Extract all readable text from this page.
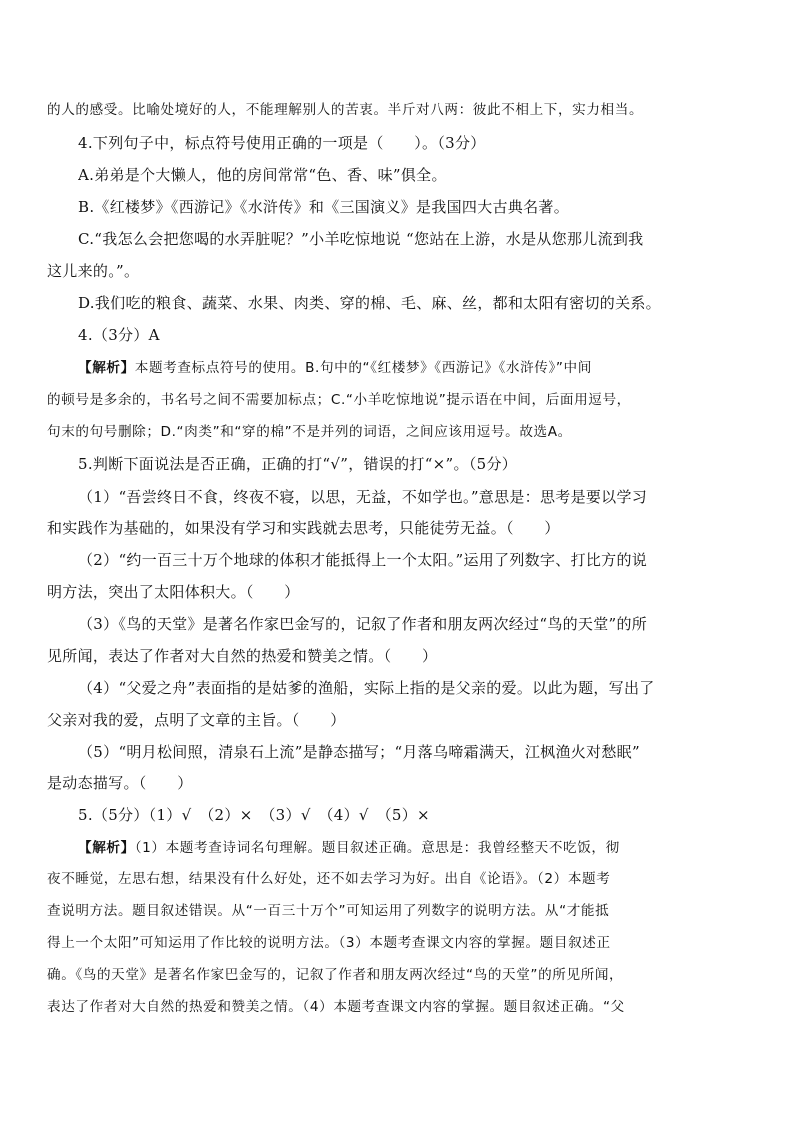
的人的感受。比喻处境好的人，不能理解别人的苦衷。半斤对八两：彼此不相上下，实力相当。
4.下列句子中，标点符号使用正确的一项是（　　）。（3分）
A.弟弟是个大懒人，他的房间常常“色、香、味”俱全。
B.《红楼梦》《西游记》《水浒传》和《三国演义》是我国四大古典名著。
C.“我怎么会把您喝的水弄脏呢？”小羊吃惊地说 “您站在上游，水是从您那儿流到我
这儿来的。”。
D.我们吃的粮食、蔬菜、水果、肉类、穿的棉、毛、麻、丝，都和太阳有密切的关系。
4.（3分）A
【解析】本题考查标点符号的使用。B.句中的“《红楼梦》《西游记》《水浒传》”中间
的顿号是多余的，书名号之间不需要加标点；C.“小羊吃惊地说”提示语在中间，后面用逗号，
句末的句号删除；D.“肉类”和“穿的棉”不是并列的词语，之间应该用逗号。故选A。
5.判断下面说法是否正确，正确的打“√”，错误的打“×”。（5分）
（1）“吾尝终日不食，终夜不寝，以思，无益，不如学也。”意思是：思考是要以学习
和实践作为基础的，如果没有学习和实践就去思考，只能徒劳无益。（　　）
（2）“约一百三十万个地球的体积才能抵得上一个太阳。”运用了列数字、打比方的说
明方法，突出了太阳体积大。（　　）
（3）《鸟的天堂》是著名作家巴金写的，记叙了作者和朋友两次经过“鸟的天堂”的所
见所闻，表达了作者对大自然的热爱和赞美之情。（　　）
（4）“父爱之舟”表面指的是姑爹的渔船，实际上指的是父亲的爱。以此为题，写出了
父亲对我的爱，点明了文章的主旨。（　　）
（5）“明月松间照，清泉石上流”是静态描写；“月落乌啼霜满天，江枫渔火对愁眠”
是动态描写。（　　）
5.（5分）（1）√　（2）×　（3）√　（4）√　（5）×
【解析】（1）本题考查诗词名句理解。题目叙述正确。意思是：我曾经整天不吃饭，彻
夜不睡觉，左思右想，结果没有什么好处，还不如去学习为好。出自《论语》。（2）本题考
查说明方法。题目叙述错误。从“一百三十万个”可知运用了列数字的说明方法。从“才能抵
得上一个太阳”可知运用了作比较的说明方法。（3）本题考查课文内容的掌握。题目叙述正
确。《鸟的天堂》是著名作家巴金写的，记叙了作者和朋友两次经过“鸟的天堂”的所见所闻，
表达了作者对大自然的热爱和赞美之情。（4）本题考查课文内容的掌握。题目叙述正确。“父
